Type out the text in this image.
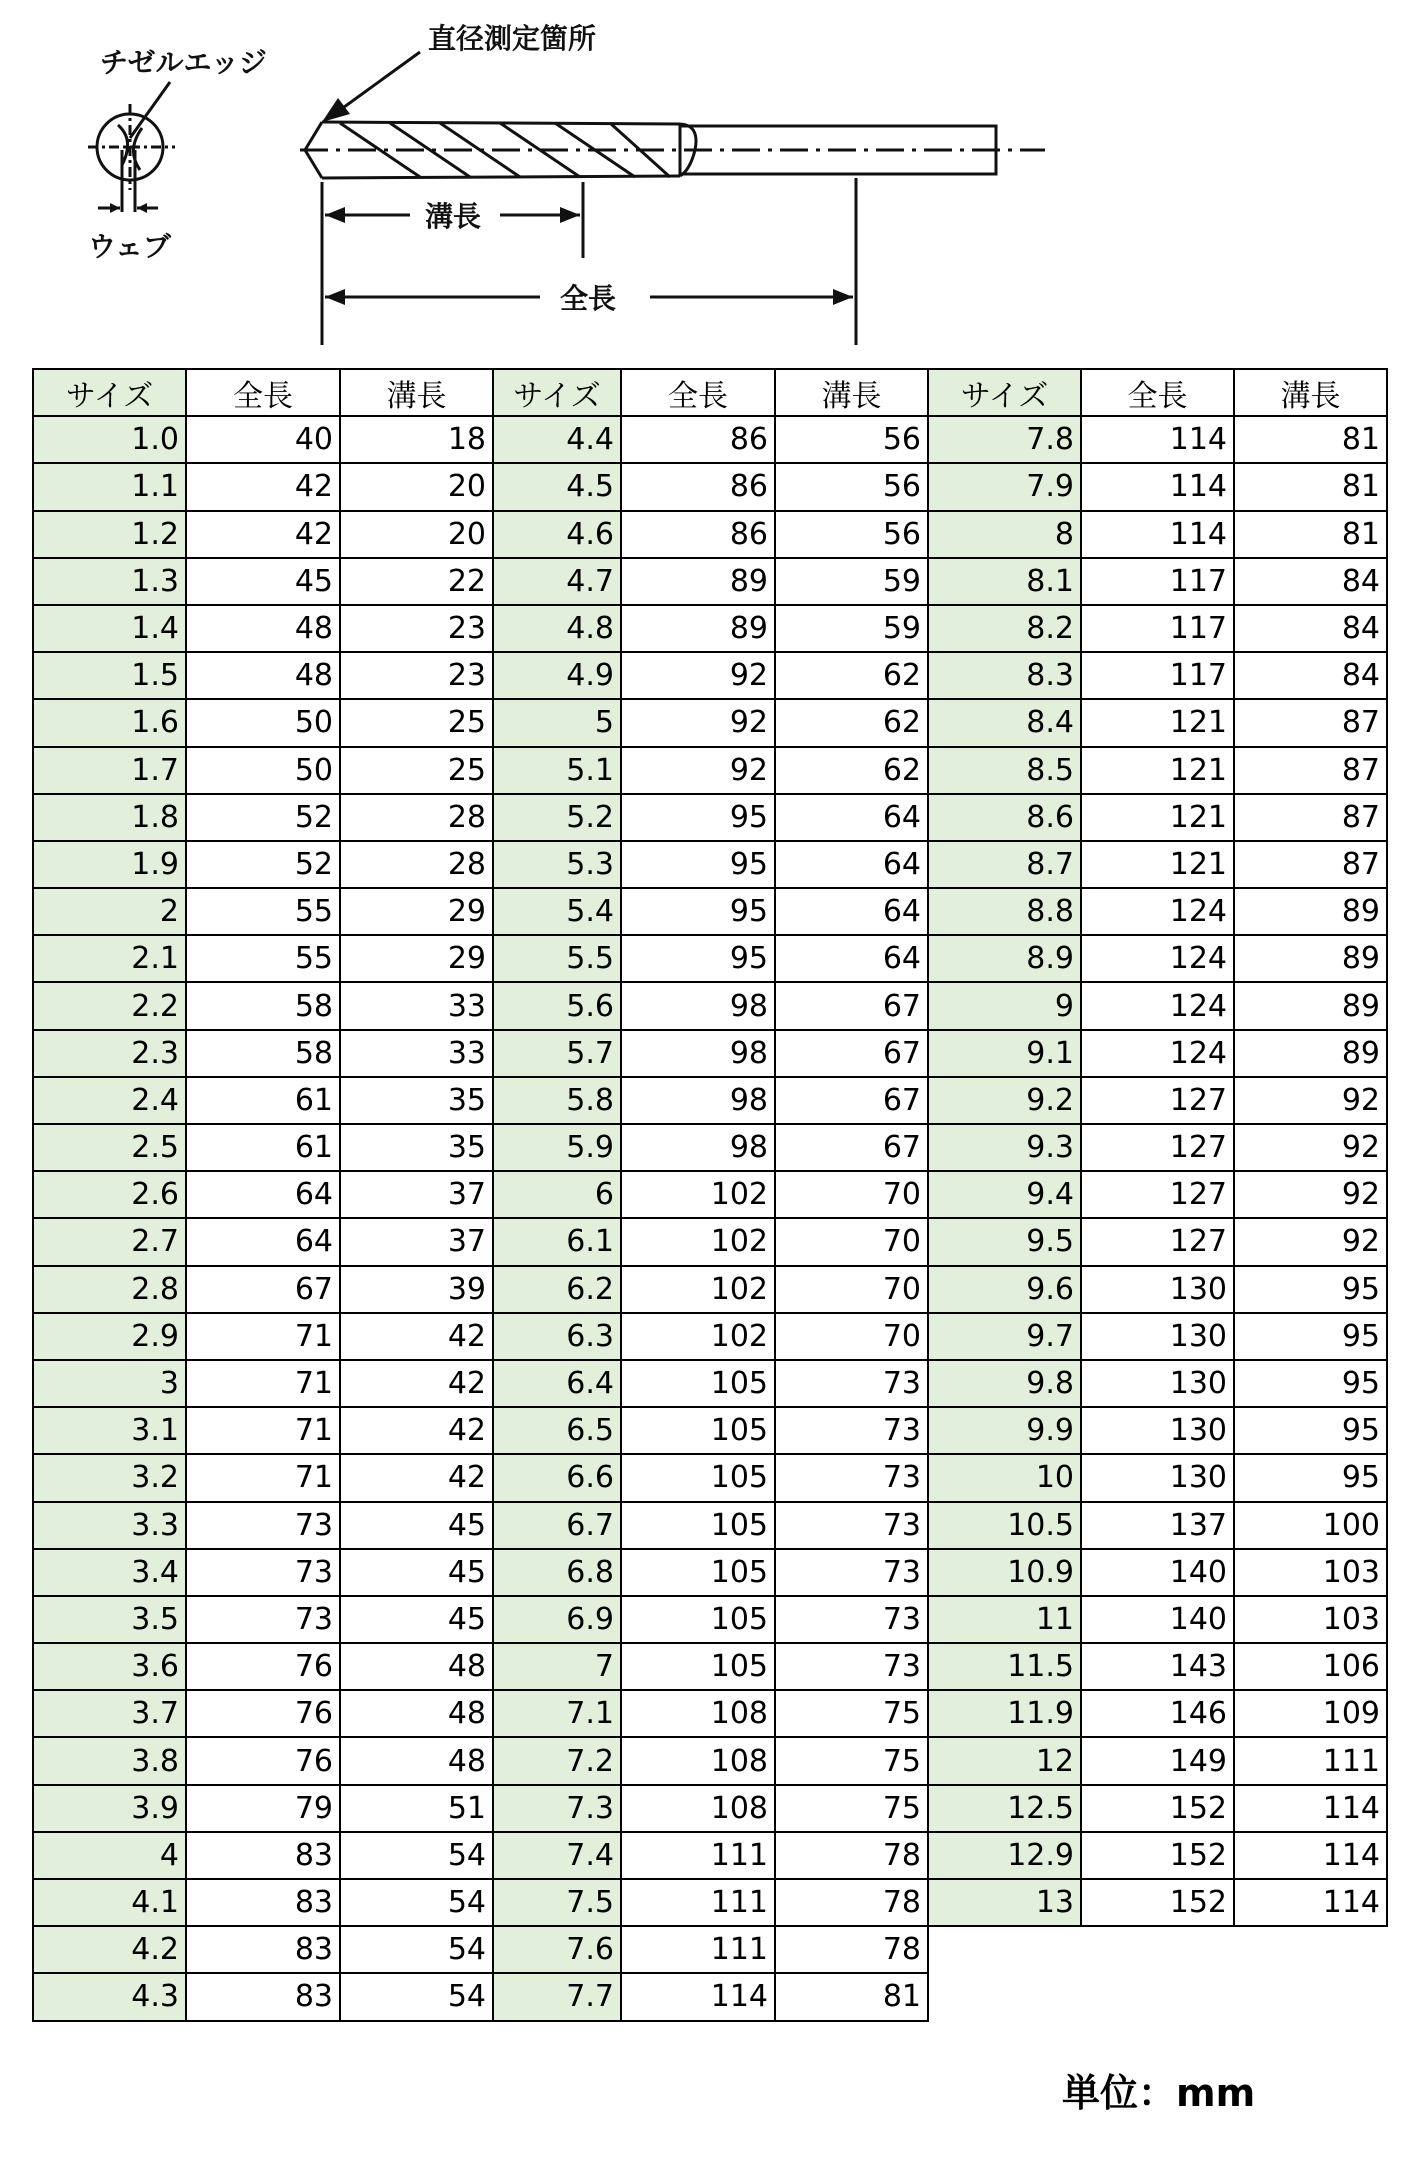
チゼルエッジ
直径測定箇所
ウェブ
溝長
全長
サイズ	全長	溝長	サイズ	全長	溝長	サイズ	全長	溝長
1.0	40	18	4.4	86	56	7.8	114	81
1.1	42	20	4.5	86	56	7.9	114	81
1.2	42	20	4.6	86	56	8	114	81
1.3	45	22	4.7	89	59	8.1	117	84
1.4	48	23	4.8	89	59	8.2	117	84
1.5	48	23	4.9	92	62	8.3	117	84
1.6	50	25	5	92	62	8.4	121	87
1.7	50	25	5.1	92	62	8.5	121	87
1.8	52	28	5.2	95	64	8.6	121	87
1.9	52	28	5.3	95	64	8.7	121	87
2	55	29	5.4	95	64	8.8	124	89
2.1	55	29	5.5	95	64	8.9	124	89
2.2	58	33	5.6	98	67	9	124	89
2.3	58	33	5.7	98	67	9.1	124	89
2.4	61	35	5.8	98	67	9.2	127	92
2.5	61	35	5.9	98	67	9.3	127	92
2.6	64	37	6	102	70	9.4	127	92
2.7	64	37	6.1	102	70	9.5	127	92
2.8	67	39	6.2	102	70	9.6	130	95
2.9	71	42	6.3	102	70	9.7	130	95
3	71	42	6.4	105	73	9.8	130	95
3.1	71	42	6.5	105	73	9.9	130	95
3.2	71	42	6.6	105	73	10	130	95
3.3	73	45	6.7	105	73	10.5	137	100
3.4	73	45	6.8	105	73	10.9	140	103
3.5	73	45	6.9	105	73	11	140	103
3.6	76	48	7	105	73	11.5	143	106
3.7	76	48	7.1	108	75	11.9	146	109
3.8	76	48	7.2	108	75	12	149	111
3.9	79	51	7.3	108	75	12.5	152	114
4	83	54	7.4	111	78	12.9	152	114
4.1	83	54	7.5	111	78	13	152	114
4.2	83	54	7.6	111	78			
4.3	83	54	7.7	114	81			
単位：mm
